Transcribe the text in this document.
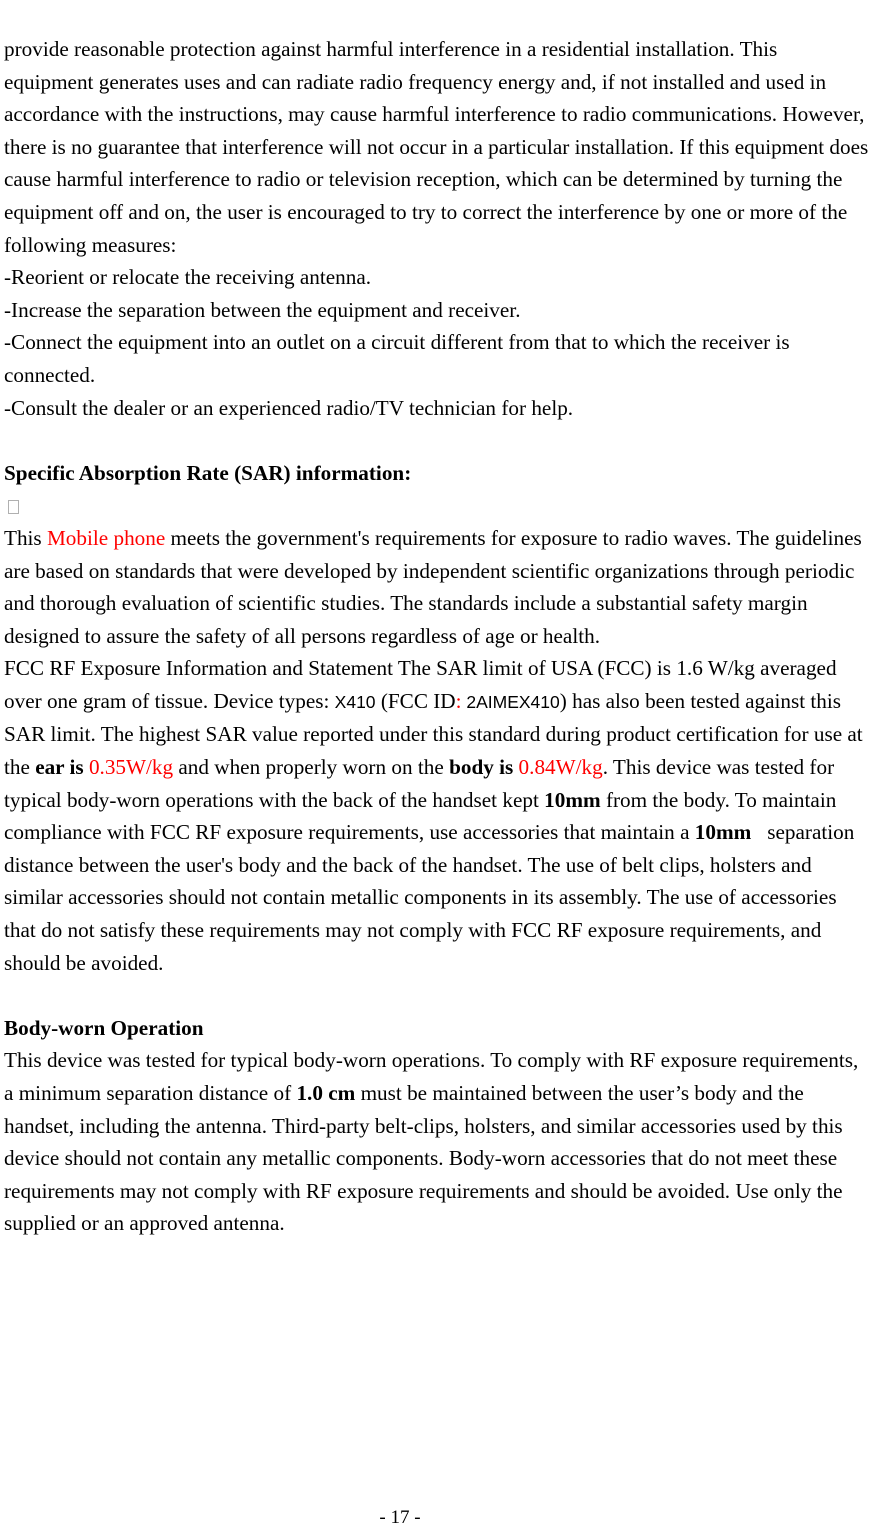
provide reasonable protection against harmful interference in a residential installation. This equipment generates uses and can radiate radio frequency energy and, if not installed and used in accordance with the instructions, may cause harmful interference to radio communications. However, there is no guarantee that interference will not occur in a particular installation. If this equipment does cause harmful interference to radio or television reception, which can be determined by turning the equipment off and on, the user is encouraged to try to correct the interference by one or more of the following measures:

-Reorient or relocate the receiving antenna.

-Increase the separation between the equipment and receiver.

-Connect the equipment into an outlet on a circuit different from that to which the receiver is connected.

-Consult the dealer or an experienced radio/TV technician for help.

Specific Absorption Rate (SAR) information:

This Mobile phone meets the government's requirements for exposure to radio waves. The guidelines are based on standards that were developed by independent scientific organizations through periodic and thorough evaluation of scientific studies. The standards include a substantial safety margin designed to assure the safety of all persons regardless of age or health.

FCC RF Exposure Information and Statement The SAR limit of USA (FCC) is 1.6 W/kg averaged over one gram of tissue. Device types: X410 (FCC ID: 2AIMEX410) has also been tested against this SAR limit. The highest SAR value reported under this standard during product certification for use at the ear is 0.35W/kg and when properly worn on the body is 0.84W/kg. This device was tested for typical body-worn operations with the back of the handset kept 10mm from the body. To maintain compliance with FCC RF exposure requirements, use accessories that maintain a 10mm separation distance between the user's body and the back of the handset. The use of belt clips, holsters and similar accessories should not contain metallic components in its assembly. The use of accessories that do not satisfy these requirements may not comply with FCC RF exposure requirements, and should be avoided.

Body-worn Operation

This device was tested for typical body-worn operations. To comply with RF exposure requirements, a minimum separation distance of 1.0 cm must be maintained between the user’s body and the handset, including the antenna. Third-party belt-clips, holsters, and similar accessories used by this device should not contain any metallic components. Body-worn accessories that do not meet these requirements may not comply with RF exposure requirements and should be avoided. Use only the supplied or an approved antenna.

- 17 -
